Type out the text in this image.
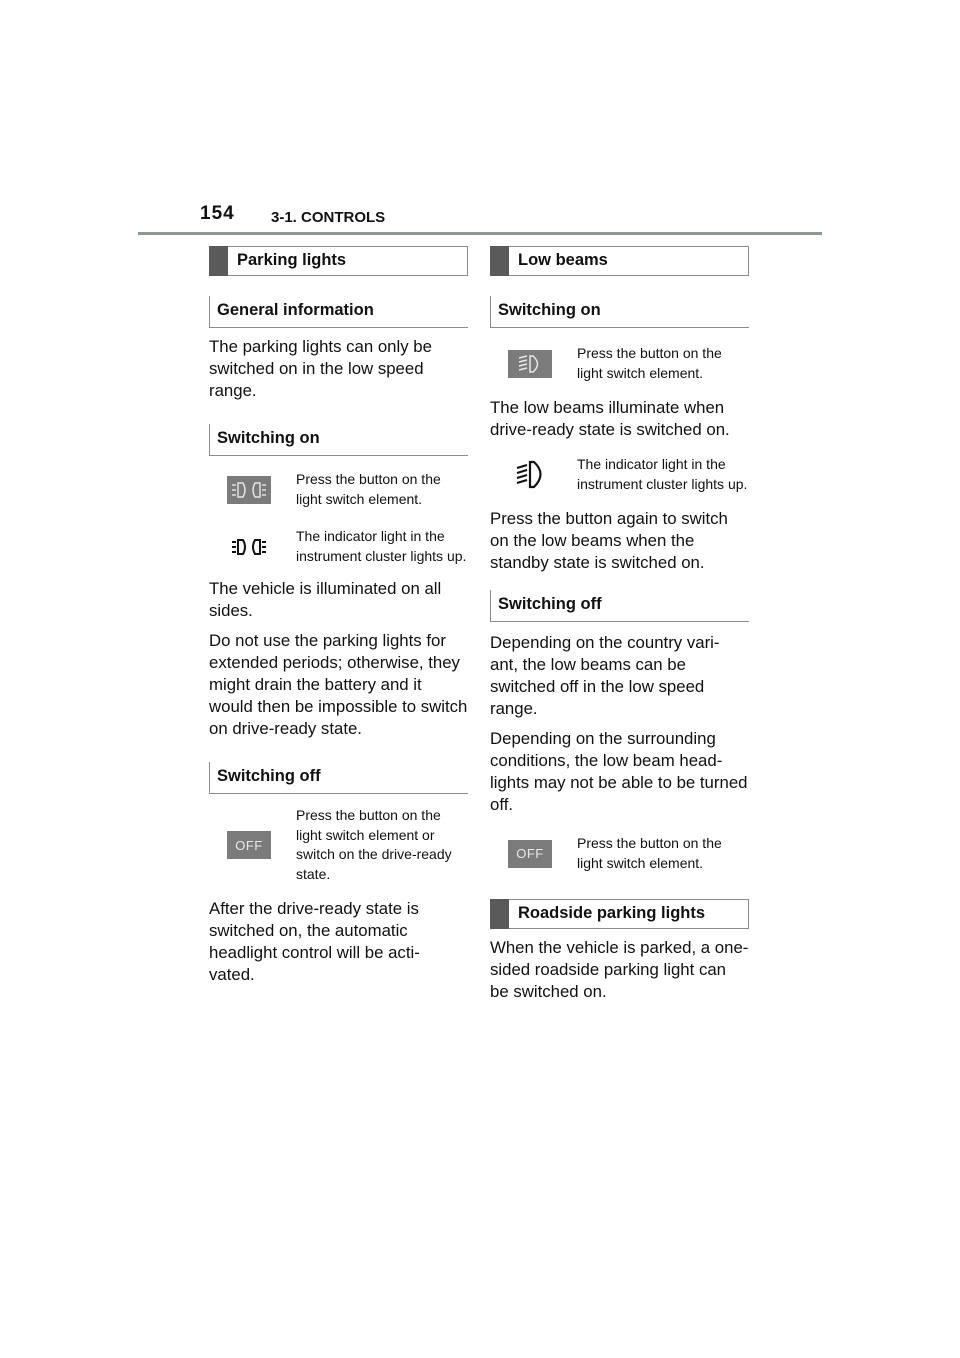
154 3-1. CONTROLS
Parking lights
General information

The parking lights can only be switched on in the low speed range.

Switching on
Press the button on the light switch element.
The indicator light in the instrument cluster lights up.

The vehicle is illuminated on all sides.

Do not use the parking lights for extended periods; otherwise, they might drain the battery and it would then be impossible to switch on drive-ready state.

Switching off
OFF
Press the button on the light switch element or switch on the drive-ready state.

After the drive-ready state is switched on, the automatic headlight control will be acti- vated.

Low beams
Switching on
Press the button on the light switch element.

The low beams illuminate when drive-ready state is switched on.

The indicator light in the instrument cluster lights up.

Press the button again to switch on the low beams when the standby state is switched on.

Switching off

Depending on the country vari- ant, the low beams can be switched off in the low speed range.

Depending on the surrounding conditions, the low beam head- lights may not be able to be turned off.

OFF
Press the button on the light switch element.
Roadside parking lights

When the vehicle is parked, a one-sided roadside parking light can be switched on.
